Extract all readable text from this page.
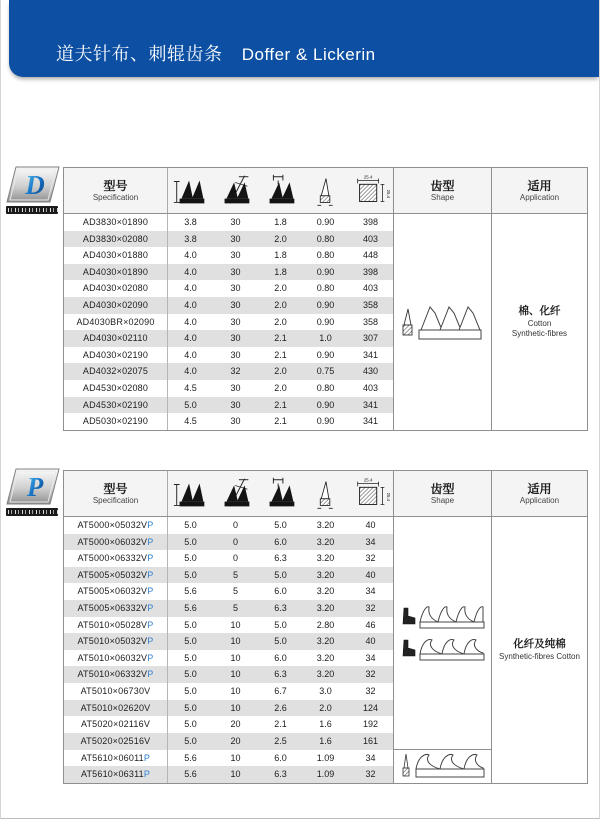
道夫针布、刺辊齿条 Doffer & Lickerin
D
P
型号
Specification
25.4
25.4
齿型
Shape
适用
Application
AD3830×01890	3.8	30	1.8	0.90	398
AD3830×02080	3.8	30	2.0	0.80	403
AD4030×01880	4.0	30	1.8	0.80	448
AD4030×01890	4.0	30	1.8	0.90	398
AD4030×02080	4.0	30	2.0	0.80	403
AD4030×02090	4.0	30	2.0	0.90	358
AD4030BR×02090	4.0	30	2.0	0.90	358
AD4030×02110	4.0	30	2.1	1.0	307
AD4030×02190	4.0	30	2.1	0.90	341
AD4032×02075	4.0	32	2.0	0.75	430
AD4530×02080	4.5	30	2.0	0.80	403
AD4530×02190	5.0	30	2.1	0.90	341
AD5030×02190	4.5	30	2.1	0.90	341
棉、化纤
Cotton
Synthetic-fibres
型号
Specification
25.4
25.4
齿型
Shape
适用
Application
AT5000×05032VP	5.0	0	5.0	3.20	40
AT5000×06032VP	5.0	0	6.0	3.20	34
AT5000×06332VP	5.0	0	6.3	3.20	32
AT5005×05032VP	5.0	5	5.0	3.20	40
AT5005×06032VP	5.6	5	6.0	3.20	34
AT5005×06332VP	5.6	5	6.3	3.20	32
AT5010×05028VP	5.0	10	5.0	2.80	46
AT5010×05032VP	5.0	10	5.0	3.20	40
AT5010×06032VP	5.0	10	6.0	3.20	34
AT5010×06332VP	5.0	10	6.3	3.20	32
AT5010×06730V	5.0	10	6.7	3.0	32
AT5010×02620V	5.0	10	2.6	2.0	124
AT5020×02116V	5.0	20	2.1	1.6	192
AT5020×02516V	5.0	20	2.5	1.6	161
AT5610×06011P	5.6	10	6.0	1.09	34
AT5610×06311P	5.6	10	6.3	1.09	32
化纤及纯棉
Synthetic-fibres Cotton
